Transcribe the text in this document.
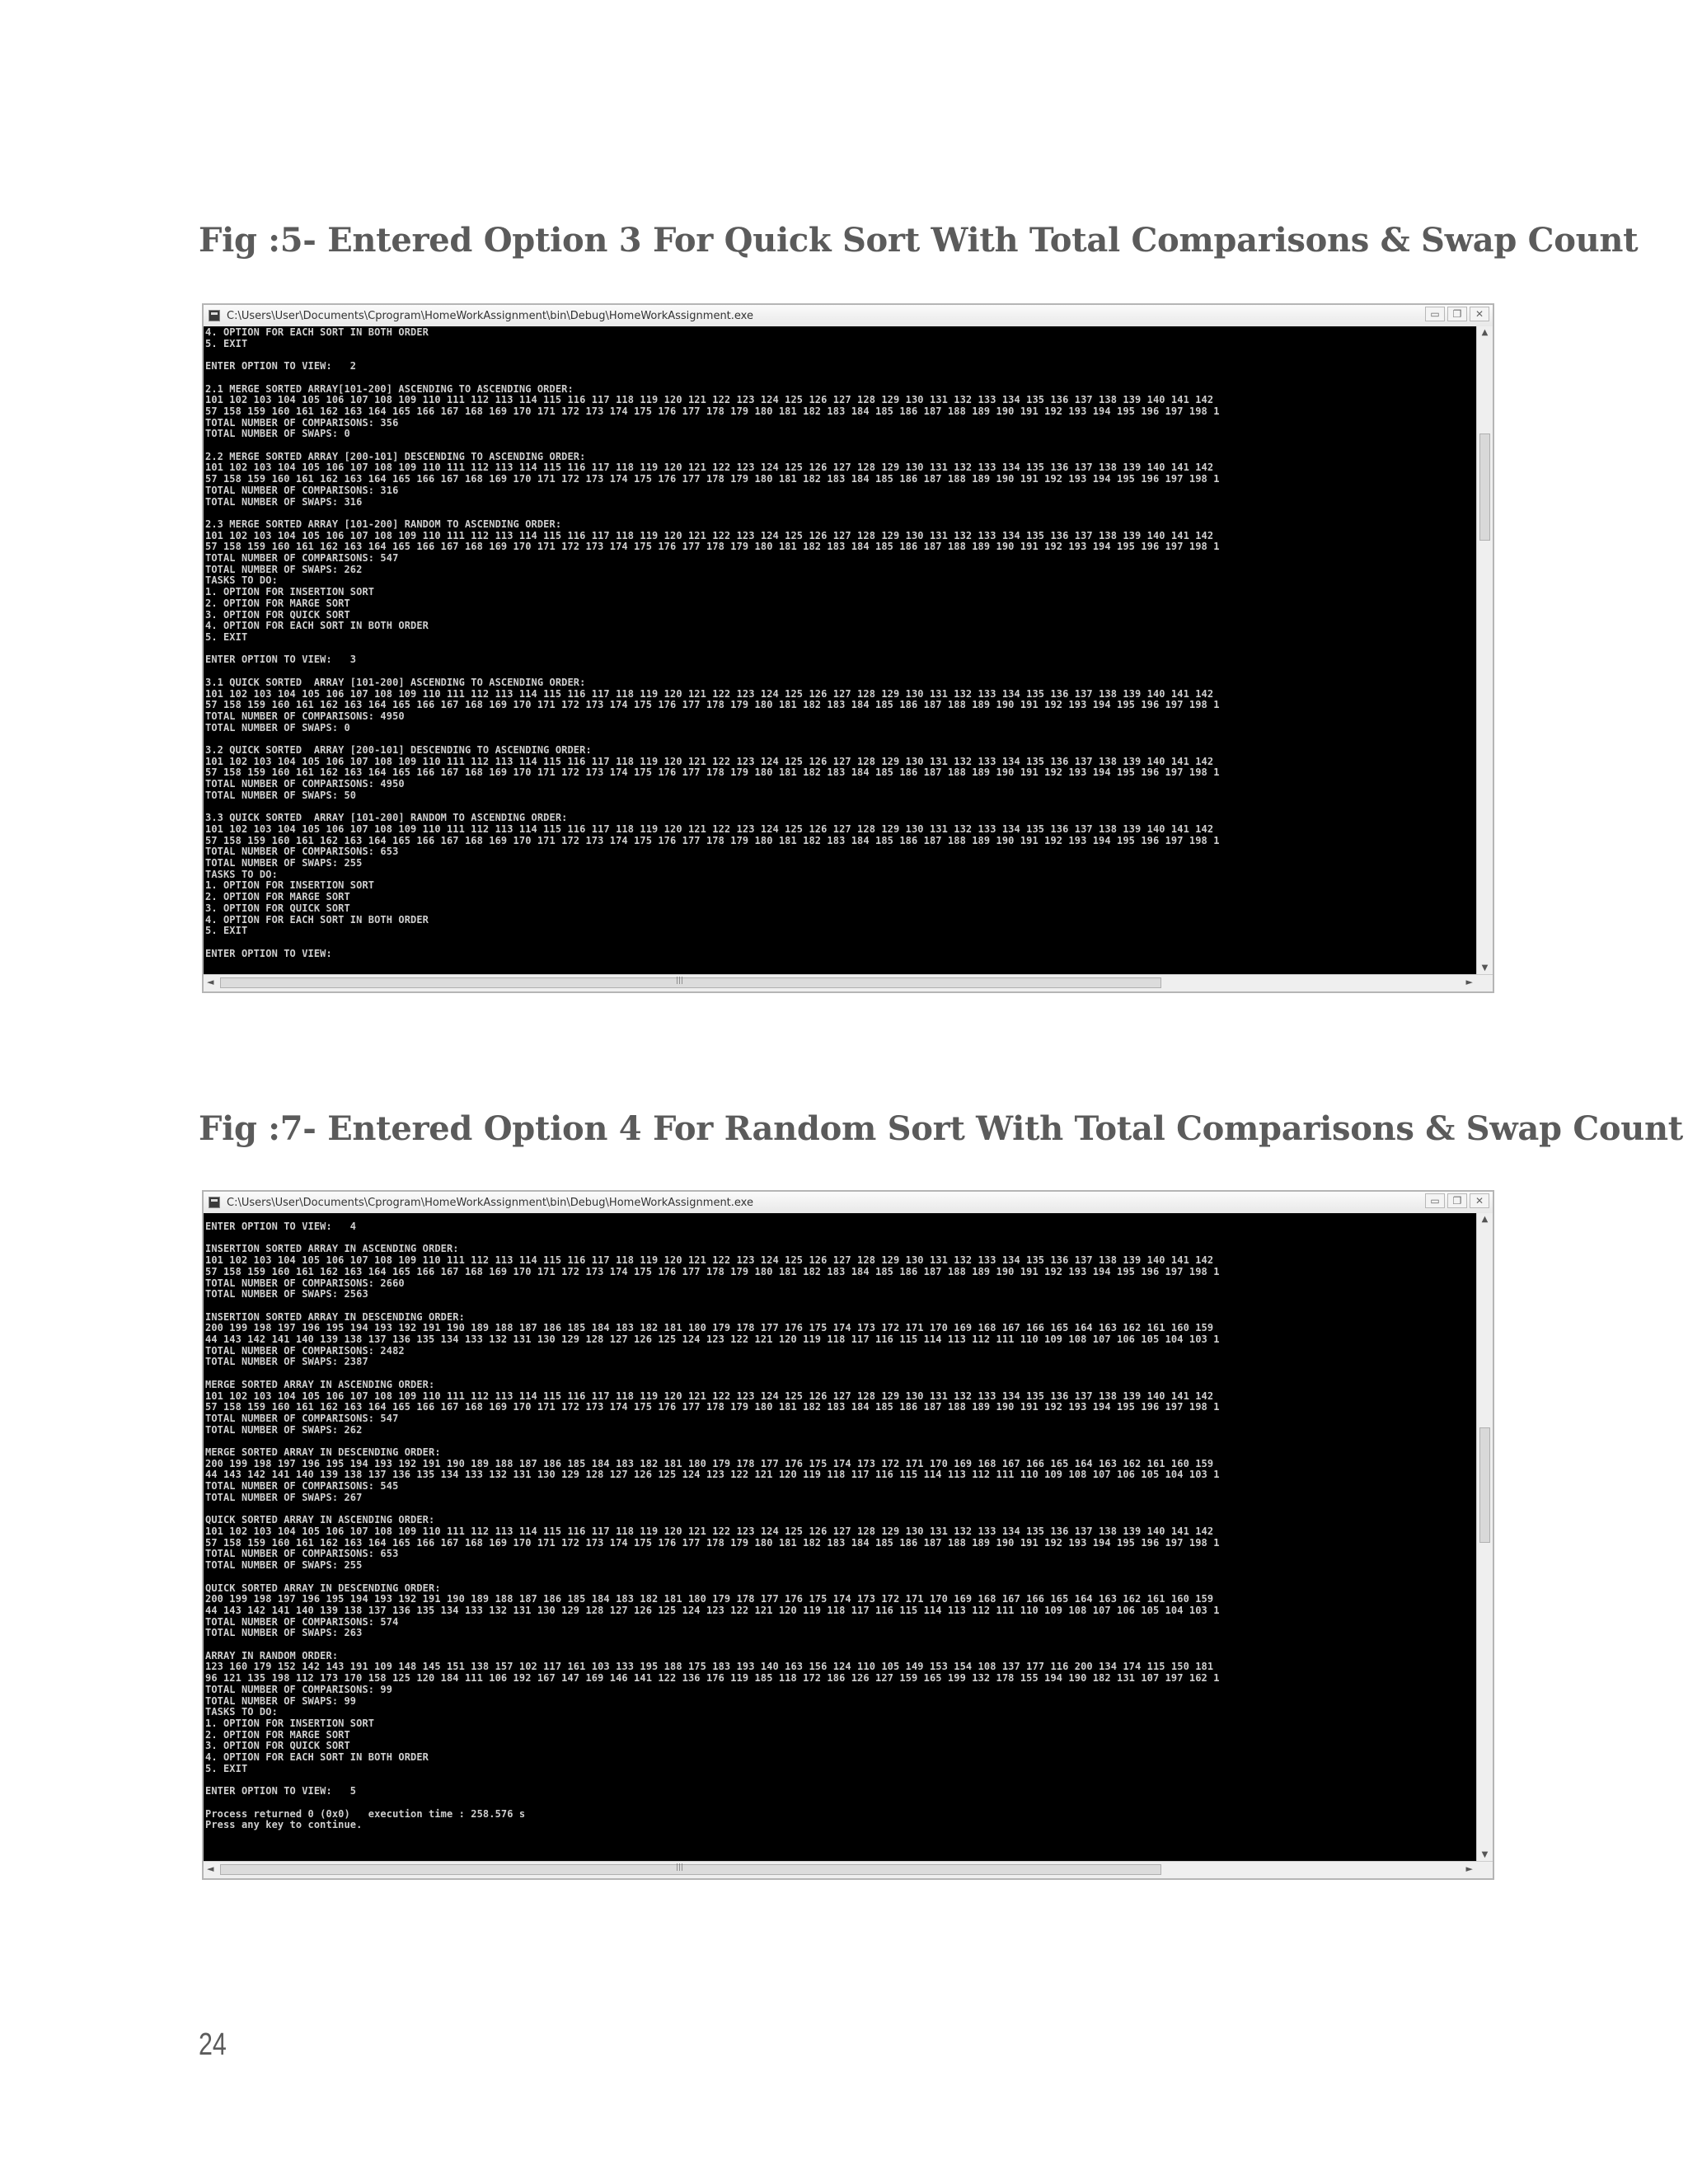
Fig :5- Entered Option 3 For Quick Sort With Total Comparisons & Swap Count
C:\Users\User\Documents\Cprogram\HomeWorkAssignment\bin\Debug\HomeWorkAssignment.exe	▭	❐	✕
4. OPTION FOR EACH SORT IN BOTH ORDER
5. EXIT

ENTER OPTION TO VIEW:   2

2.1 MERGE SORTED ARRAY[101-200] ASCENDING TO ASCENDING ORDER:
101 102 103 104 105 106 107 108 109 110 111 112 113 114 115 116 117 118 119 120 121 122 123 124 125 126 127 128 129 130 131 132 133 134 135 136 137 138 139 140 141 142
57 158 159 160 161 162 163 164 165 166 167 168 169 170 171 172 173 174 175 176 177 178 179 180 181 182 183 184 185 186 187 188 189 190 191 192 193 194 195 196 197 198 1
TOTAL NUMBER OF COMPARISONS: 356
TOTAL NUMBER OF SWAPS: 0

2.2 MERGE SORTED ARRAY [200-101] DESCENDING TO ASCENDING ORDER:
101 102 103 104 105 106 107 108 109 110 111 112 113 114 115 116 117 118 119 120 121 122 123 124 125 126 127 128 129 130 131 132 133 134 135 136 137 138 139 140 141 142
57 158 159 160 161 162 163 164 165 166 167 168 169 170 171 172 173 174 175 176 177 178 179 180 181 182 183 184 185 186 187 188 189 190 191 192 193 194 195 196 197 198 1
TOTAL NUMBER OF COMPARISONS: 316
TOTAL NUMBER OF SWAPS: 316

2.3 MERGE SORTED ARRAY [101-200] RANDOM TO ASCENDING ORDER:
101 102 103 104 105 106 107 108 109 110 111 112 113 114 115 116 117 118 119 120 121 122 123 124 125 126 127 128 129 130 131 132 133 134 135 136 137 138 139 140 141 142
57 158 159 160 161 162 163 164 165 166 167 168 169 170 171 172 173 174 175 176 177 178 179 180 181 182 183 184 185 186 187 188 189 190 191 192 193 194 195 196 197 198 1
TOTAL NUMBER OF COMPARISONS: 547
TOTAL NUMBER OF SWAPS: 262
TASKS TO DO:
1. OPTION FOR INSERTION SORT
2. OPTION FOR MARGE SORT
3. OPTION FOR QUICK SORT
4. OPTION FOR EACH SORT IN BOTH ORDER
5. EXIT

ENTER OPTION TO VIEW:   3

3.1 QUICK SORTED  ARRAY [101-200] ASCENDING TO ASCENDING ORDER:
101 102 103 104 105 106 107 108 109 110 111 112 113 114 115 116 117 118 119 120 121 122 123 124 125 126 127 128 129 130 131 132 133 134 135 136 137 138 139 140 141 142
57 158 159 160 161 162 163 164 165 166 167 168 169 170 171 172 173 174 175 176 177 178 179 180 181 182 183 184 185 186 187 188 189 190 191 192 193 194 195 196 197 198 1
TOTAL NUMBER OF COMPARISONS: 4950
TOTAL NUMBER OF SWAPS: 0

3.2 QUICK SORTED  ARRAY [200-101] DESCENDING TO ASCENDING ORDER:
101 102 103 104 105 106 107 108 109 110 111 112 113 114 115 116 117 118 119 120 121 122 123 124 125 126 127 128 129 130 131 132 133 134 135 136 137 138 139 140 141 142
57 158 159 160 161 162 163 164 165 166 167 168 169 170 171 172 173 174 175 176 177 178 179 180 181 182 183 184 185 186 187 188 189 190 191 192 193 194 195 196 197 198 1
TOTAL NUMBER OF COMPARISONS: 4950
TOTAL NUMBER OF SWAPS: 50

3.3 QUICK SORTED  ARRAY [101-200] RANDOM TO ASCENDING ORDER:
101 102 103 104 105 106 107 108 109 110 111 112 113 114 115 116 117 118 119 120 121 122 123 124 125 126 127 128 129 130 131 132 133 134 135 136 137 138 139 140 141 142
57 158 159 160 161 162 163 164 165 166 167 168 169 170 171 172 173 174 175 176 177 178 179 180 181 182 183 184 185 186 187 188 189 190 191 192 193 194 195 196 197 198 1
TOTAL NUMBER OF COMPARISONS: 653
TOTAL NUMBER OF SWAPS: 255
TASKS TO DO:
1. OPTION FOR INSERTION SORT
2. OPTION FOR MARGE SORT
3. OPTION FOR QUICK SORT
4. OPTION FOR EACH SORT IN BOTH ORDER
5. EXIT

ENTER OPTION TO VIEW:
▲
▼
◄	|||	►
Fig :7- Entered Option 4 For Random Sort With Total Comparisons & Swap Count
C:\Users\User\Documents\Cprogram\HomeWorkAssignment\bin\Debug\HomeWorkAssignment.exe	▭	❐	✕
ENTER OPTION TO VIEW:   4

INSERTION SORTED ARRAY IN ASCENDING ORDER:
101 102 103 104 105 106 107 108 109 110 111 112 113 114 115 116 117 118 119 120 121 122 123 124 125 126 127 128 129 130 131 132 133 134 135 136 137 138 139 140 141 142
57 158 159 160 161 162 163 164 165 166 167 168 169 170 171 172 173 174 175 176 177 178 179 180 181 182 183 184 185 186 187 188 189 190 191 192 193 194 195 196 197 198 1
TOTAL NUMBER OF COMPARISONS: 2660
TOTAL NUMBER OF SWAPS: 2563

INSERTION SORTED ARRAY IN DESCENDING ORDER:
200 199 198 197 196 195 194 193 192 191 190 189 188 187 186 185 184 183 182 181 180 179 178 177 176 175 174 173 172 171 170 169 168 167 166 165 164 163 162 161 160 159
44 143 142 141 140 139 138 137 136 135 134 133 132 131 130 129 128 127 126 125 124 123 122 121 120 119 118 117 116 115 114 113 112 111 110 109 108 107 106 105 104 103 1
TOTAL NUMBER OF COMPARISONS: 2482
TOTAL NUMBER OF SWAPS: 2387

MERGE SORTED ARRAY IN ASCENDING ORDER:
101 102 103 104 105 106 107 108 109 110 111 112 113 114 115 116 117 118 119 120 121 122 123 124 125 126 127 128 129 130 131 132 133 134 135 136 137 138 139 140 141 142
57 158 159 160 161 162 163 164 165 166 167 168 169 170 171 172 173 174 175 176 177 178 179 180 181 182 183 184 185 186 187 188 189 190 191 192 193 194 195 196 197 198 1
TOTAL NUMBER OF COMPARISONS: 547
TOTAL NUMBER OF SWAPS: 262

MERGE SORTED ARRAY IN DESCENDING ORDER:
200 199 198 197 196 195 194 193 192 191 190 189 188 187 186 185 184 183 182 181 180 179 178 177 176 175 174 173 172 171 170 169 168 167 166 165 164 163 162 161 160 159
44 143 142 141 140 139 138 137 136 135 134 133 132 131 130 129 128 127 126 125 124 123 122 121 120 119 118 117 116 115 114 113 112 111 110 109 108 107 106 105 104 103 1
TOTAL NUMBER OF COMPARISONS: 545
TOTAL NUMBER OF SWAPS: 267

QUICK SORTED ARRAY IN ASCENDING ORDER:
101 102 103 104 105 106 107 108 109 110 111 112 113 114 115 116 117 118 119 120 121 122 123 124 125 126 127 128 129 130 131 132 133 134 135 136 137 138 139 140 141 142
57 158 159 160 161 162 163 164 165 166 167 168 169 170 171 172 173 174 175 176 177 178 179 180 181 182 183 184 185 186 187 188 189 190 191 192 193 194 195 196 197 198 1
TOTAL NUMBER OF COMPARISONS: 653
TOTAL NUMBER OF SWAPS: 255

QUICK SORTED ARRAY IN DESCENDING ORDER:
200 199 198 197 196 195 194 193 192 191 190 189 188 187 186 185 184 183 182 181 180 179 178 177 176 175 174 173 172 171 170 169 168 167 166 165 164 163 162 161 160 159
44 143 142 141 140 139 138 137 136 135 134 133 132 131 130 129 128 127 126 125 124 123 122 121 120 119 118 117 116 115 114 113 112 111 110 109 108 107 106 105 104 103 1
TOTAL NUMBER OF COMPARISONS: 574
TOTAL NUMBER OF SWAPS: 263

ARRAY IN RANDOM ORDER:
123 160 179 152 142 143 191 109 148 145 151 138 157 102 117 161 103 133 195 188 175 183 193 140 163 156 124 110 105 149 153 154 108 137 177 116 200 134 174 115 150 181
96 121 135 198 112 173 170 158 125 120 184 111 106 192 167 147 169 146 141 122 136 176 119 185 118 172 186 126 127 159 165 199 132 178 155 194 190 182 131 107 197 162 1
TOTAL NUMBER OF COMPARISONS: 99
TOTAL NUMBER OF SWAPS: 99
TASKS TO DO:
1. OPTION FOR INSERTION SORT
2. OPTION FOR MARGE SORT
3. OPTION FOR QUICK SORT
4. OPTION FOR EACH SORT IN BOTH ORDER
5. EXIT

ENTER OPTION TO VIEW:   5

Process returned 0 (0x0)   execution time : 258.576 s
Press any key to continue.
▲
▼
◄	|||	►

24
